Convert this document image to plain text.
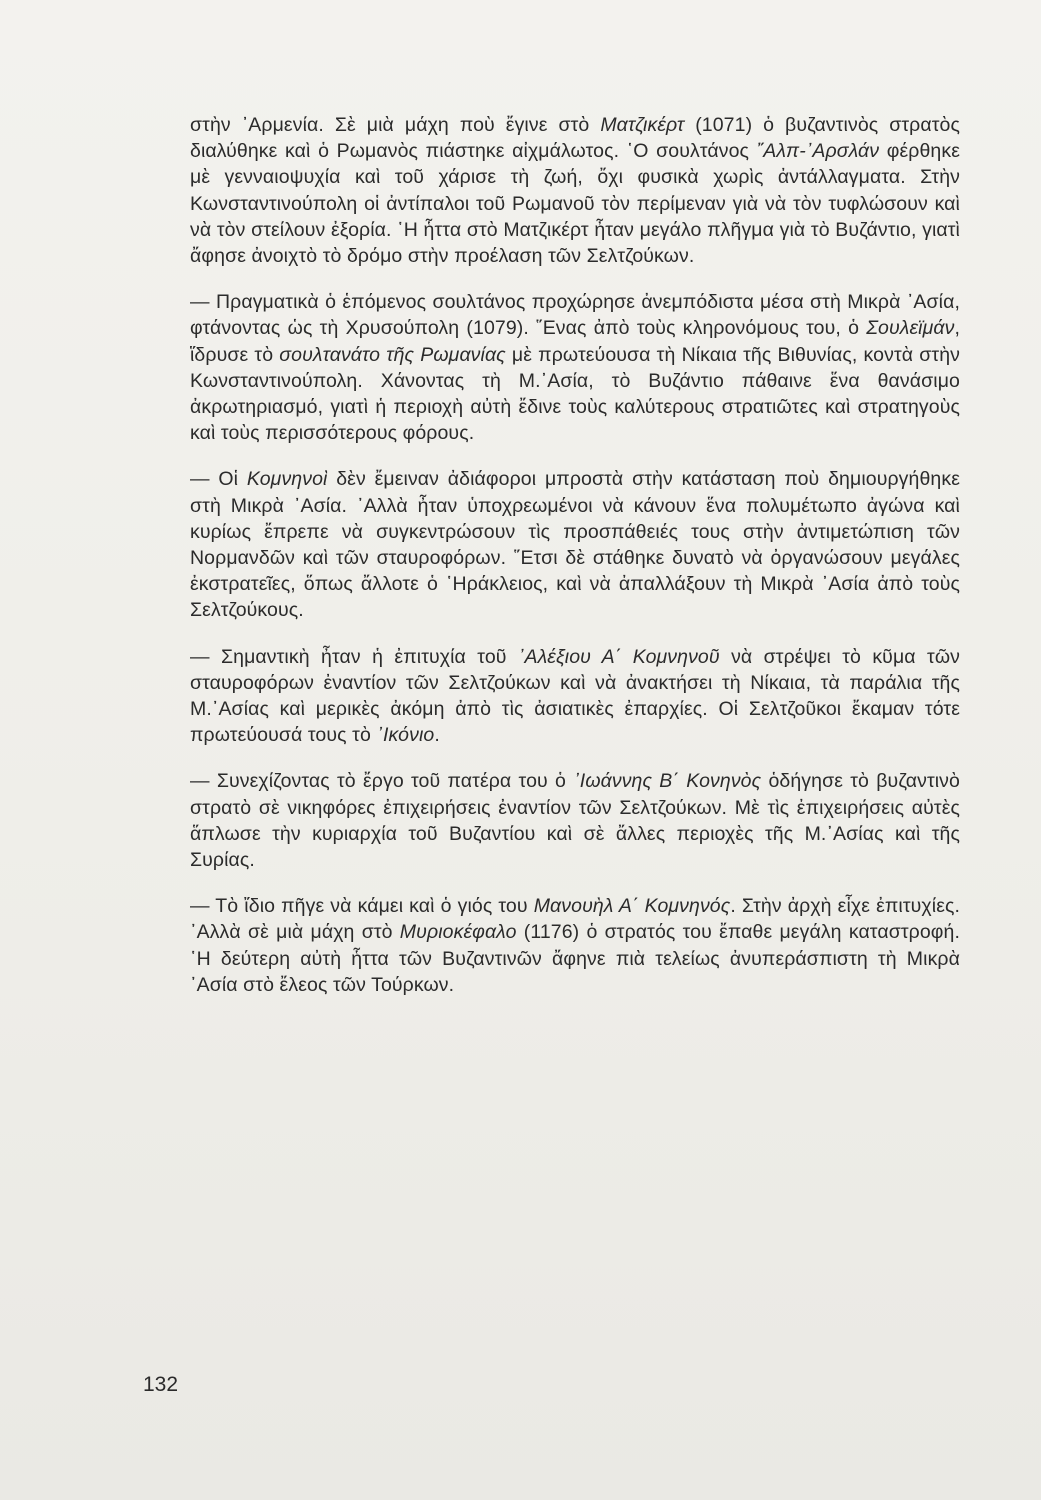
στὴν ᾿Αρμενία. Σὲ μιὰ μάχη ποὺ ἔγινε στὸ Ματζικέρτ (1071) ὁ βυζαντινὸς στρατὸς διαλύθηκε καὶ ὁ Ρωμανὸς πιάστηκε αἰχμάλωτος. ῾Ο σουλτάνος ῎Αλπ-᾿Αρσλάν φέρθηκε μὲ γενναιοψυχία καὶ τοῦ χάρισε τὴ ζωή, ὄχι φυσικὰ χωρὶς ἀντάλλαγματα. Στὴν Κωνσταντινούπολη οἱ ἀντίπαλοι τοῦ Ρωμανοῦ τὸν περίμεναν γιὰ νὰ τὸν τυφλώσουν καὶ νὰ τὸν στείλουν ἐξορία. ῾Η ἧττα στὸ Ματζικέρτ ἦταν μεγάλο πλῆγμα γιὰ τὸ Βυζάντιο, γιατὶ ἄφησε ἀνοιχτὸ τὸ δρόμο στὴν προέλαση τῶν Σελτζούκων.

— Πραγματικὰ ὁ ἑπόμενος σουλτάνος προχώρησε ἀνεμπόδιστα μέσα στὴ Μικρὰ ᾿Ασία, φτάνοντας ὡς τὴ Χρυσούπολη (1079). ῞Ενας ἀπὸ τοὺς κληρονόμους του, ὁ Σουλεϊμάν, ἵδρυσε τὸ σουλτανάτο τῆς Ρωμανίας μὲ πρωτεύουσα τὴ Νίκαια τῆς Βιθυνίας, κοντὰ στὴν Κωνσταντινούπολη. Χάνοντας τὴ Μ.᾿Ασία, τὸ Βυζάντιο πάθαινε ἕνα θανάσιμο ἀκρωτηριασμό, γιατὶ ἡ περιοχὴ αὐτὴ ἔδινε τοὺς καλύτερους στρατιῶτες καὶ στρατηγοὺς καὶ τοὺς περισσότερους φόρους.

— Οἱ Κομνηνοὶ δὲν ἔμειναν ἀδιάφοροι μπροστὰ στὴν κατάσταση ποὺ δημιουργήθηκε στὴ Μικρὰ ᾿Ασία. ᾿Αλλὰ ἦταν ὑποχρεωμένοι νὰ κάνουν ἕνα πολυμέτωπο ἀγώνα καὶ κυρίως ἔπρεπε νὰ συγκεντρώσουν τὶς προσπάθειές τους στὴν ἀντιμετώπιση τῶν Νορμανδῶν καὶ τῶν σταυροφόρων. ῞Ετσι δὲ στάθηκε δυνατὸ νὰ ὀργανώσουν μεγάλες ἐκστρατεῖες, ὅπως ἄλλοτε ὁ ῾Ηράκλειος, καὶ νὰ ἀπαλλάξουν τὴ Μικρὰ ᾿Ασία ἀπὸ τοὺς Σελτζούκους.

— Σημαντικὴ ἦταν ἡ ἐπιτυχία τοῦ ᾿Αλέξιου Α΄ Κομνηνοῦ νὰ στρέψει τὸ κῦμα τῶν σταυροφόρων ἐναντίον τῶν Σελτζούκων καὶ νὰ ἀνακτήσει τὴ Νίκαια, τὰ παράλια τῆς Μ.᾿Ασίας καὶ μερικὲς ἀκόμη ἀπὸ τὶς ἀσιατικὲς ἐπαρχίες. Οἱ Σελτζοῦκοι ἔκαμαν τότε πρωτεύουσά τους τὸ ᾿Ικόνιο.

— Συνεχίζοντας τὸ ἔργο τοῦ πατέρα του ὁ ᾿Ιωάννης Β΄ Κονηνὸς ὁδήγησε τὸ βυζαντινὸ στρατὸ σὲ νικηφόρες ἐπιχειρήσεις ἐναντίον τῶν Σελτζούκων. Μὲ τὶς ἐπιχειρήσεις αὐτὲς ἅπλωσε τὴν κυριαρχία τοῦ Βυζαντίου καὶ σὲ ἄλλες περιοχὲς τῆς Μ.᾿Ασίας καὶ τῆς Συρίας.

— Τὸ ἴδιο πῆγε νὰ κάμει καὶ ὁ γιός του Μανουὴλ Α΄ Κομνηνός. Στὴν ἀρχὴ εἶχε ἐπιτυχίες. ᾿Αλλὰ σὲ μιὰ μάχη στὸ Μυριοκέφαλο (1176) ὁ στρατός του ἔπαθε μεγάλη καταστροφή. ῾Η δεύτερη αὐτὴ ἧττα τῶν Βυζαντινῶν ἄφηνε πιὰ τελείως ἀνυπεράσπιστη τὴ Μικρὰ ᾿Ασία στὸ ἔλεος τῶν Τούρκων.

132
